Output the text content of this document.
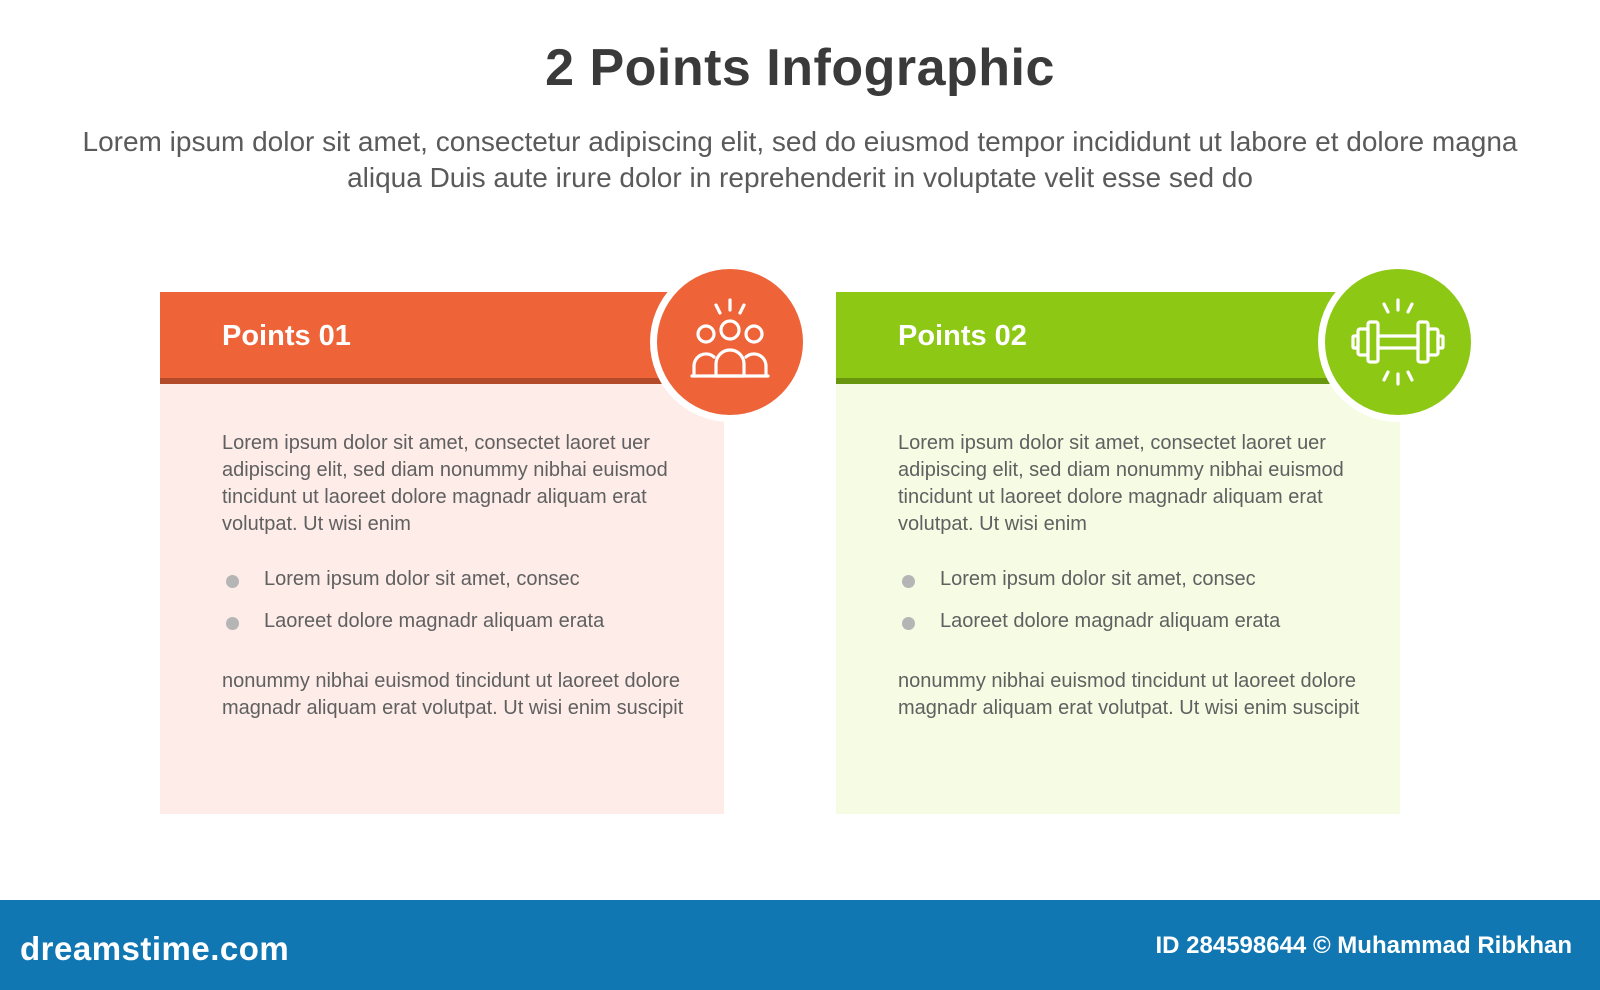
2 Points Infographic
Lorem ipsum dolor sit amet, consectetur adipiscing elit, sed do eiusmod tempor incididunt ut labore et dolore magna aliqua Duis aute irure dolor in reprehenderit in voluptate velit esse sed do
Points 01
Lorem ipsum dolor sit amet, consectet laoret uer adipiscing elit, sed diam nonummy nibhai euismod tincidunt ut laoreet dolore magnadr aliquam erat volutpat. Ut wisi enim
Lorem ipsum dolor sit amet, consec
Laoreet dolore magnadr aliquam erata
nonummy nibhai euismod tincidunt ut laoreet dolore magnadr aliquam erat volutpat. Ut wisi enim suscipit
Points 02
Lorem ipsum dolor sit amet, consectet laoret uer adipiscing elit, sed diam nonummy nibhai euismod tincidunt ut laoreet dolore magnadr aliquam erat volutpat. Ut wisi enim
Lorem ipsum dolor sit amet, consec
Laoreet dolore magnadr aliquam erata
nonummy nibhai euismod tincidunt ut laoreet dolore magnadr aliquam erat volutpat. Ut wisi enim suscipit
dreamstime.com	ID 284598644 © Muhammad Ribkhan
